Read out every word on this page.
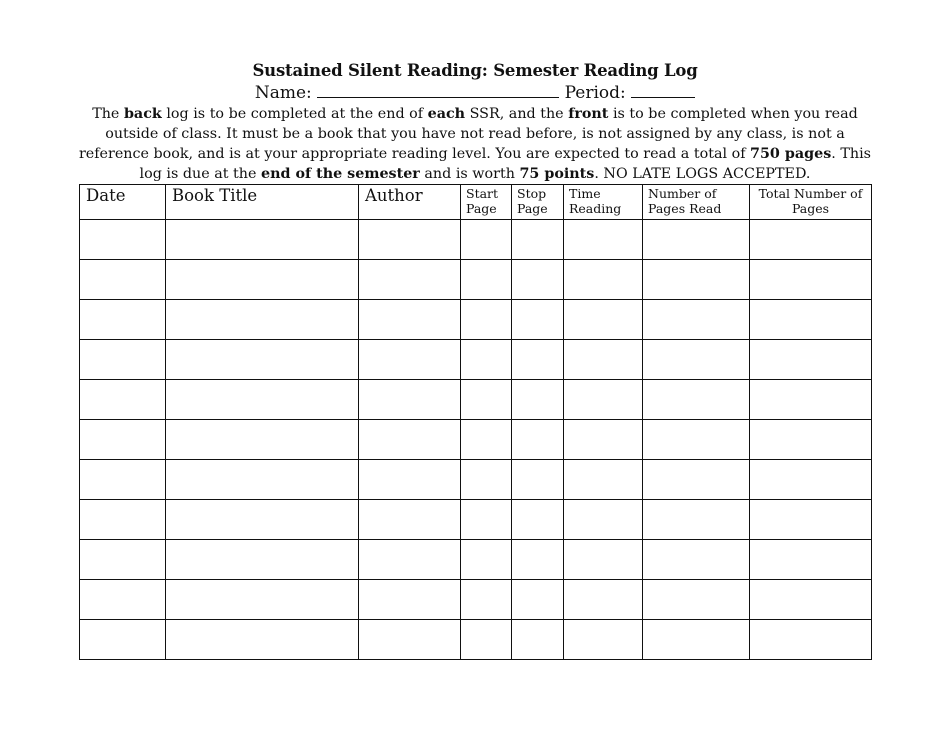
Sustained Silent Reading: Semester Reading Log
Name:	Period:
The back log is to be completed at the end of each SSR, and the front is to be completed when you read outside of class. It must be a book that you have not read before, is not assigned by any class, is not a reference book, and is at your appropriate reading level. You are expected to read a total of 750 pages. This log is due at the end of the semester and is worth 75 points. NO LATE LOGS ACCEPTED.
Date	Book Title	Author	Start Page	Stop Page	Time Reading	Number of Pages Read	Total Number of Pages
